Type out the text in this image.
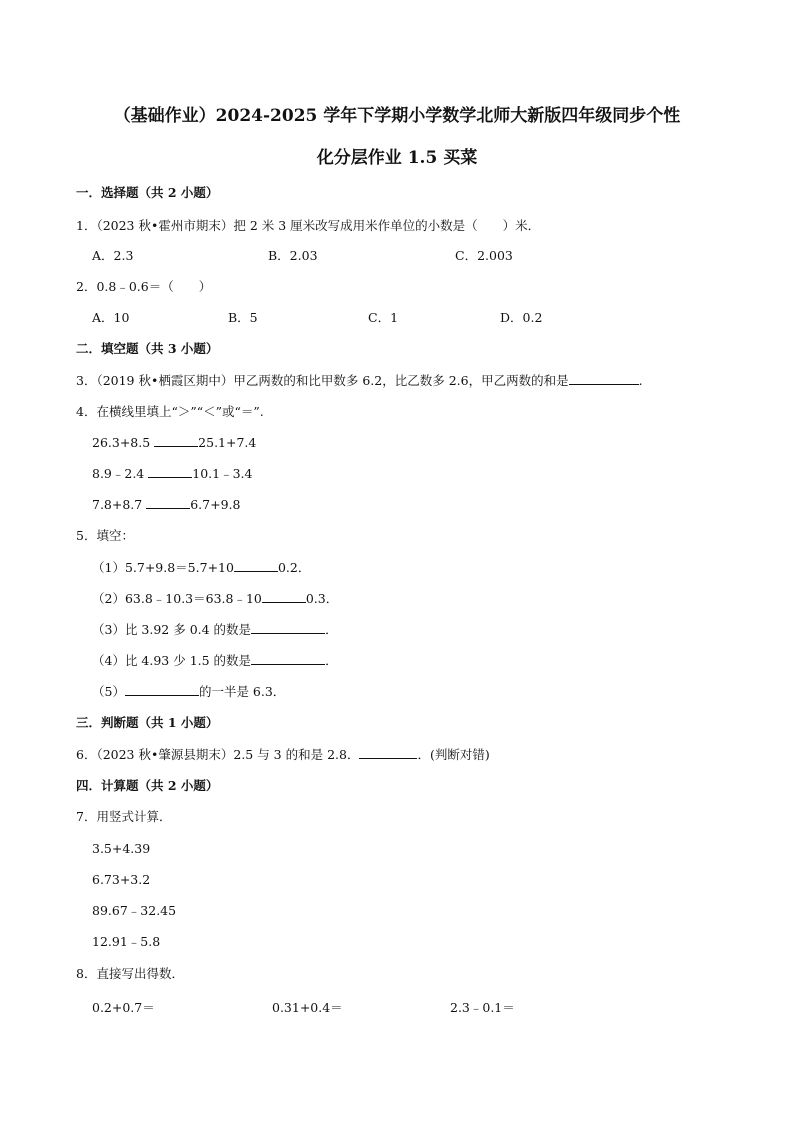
（基础作业）2024-2025 学年下学期小学数学北师大新版四年级同步个性
化分层作业 1.5 买菜
一．选择题（共 2 小题）
1．（2023 秋•霍州市期末）把 2 米 3 厘米改写成用米作单位的小数是（　　）米．
A．2.3	B．2.03	C．2.003
2．0.8﹣0.6＝（　　）
A．10	B．5	C．1	D．0.2
二．填空题（共 3 小题）
3．（2019 秋•栖霞区期中）甲乙两数的和比甲数多 6.2，比乙数多 2.6，甲乙两数的和是	.
4．在横线里填上“＞”“＜”或“＝”.
26.3+8.5	25.1+7.4
8.9﹣2.4	10.1﹣3.4
7.8+8.7	6.7+9.8
5．填空：
（1）5.7+9.8＝5.7+10	0.2．
（2）63.8﹣10.3＝63.8﹣10	0.3．
（3）比 3.92 多 0.4 的数是	．
（4）比 4.93 少 1.5 的数是	．
（5）	的一半是 6.3．
三．判断题（共 1 小题）
6．（2023 秋•肇源县期末）2.5 与 3 的和是 2.8．	．(判断对错)
四．计算题（共 2 小题）
7．用竖式计算．
3.5+4.39
6.73+3.2
89.67﹣32.45
12.91﹣5.8
8．直接写出得数．
0.2+0.7＝	0.31+0.4＝	2.3﹣0.1＝
